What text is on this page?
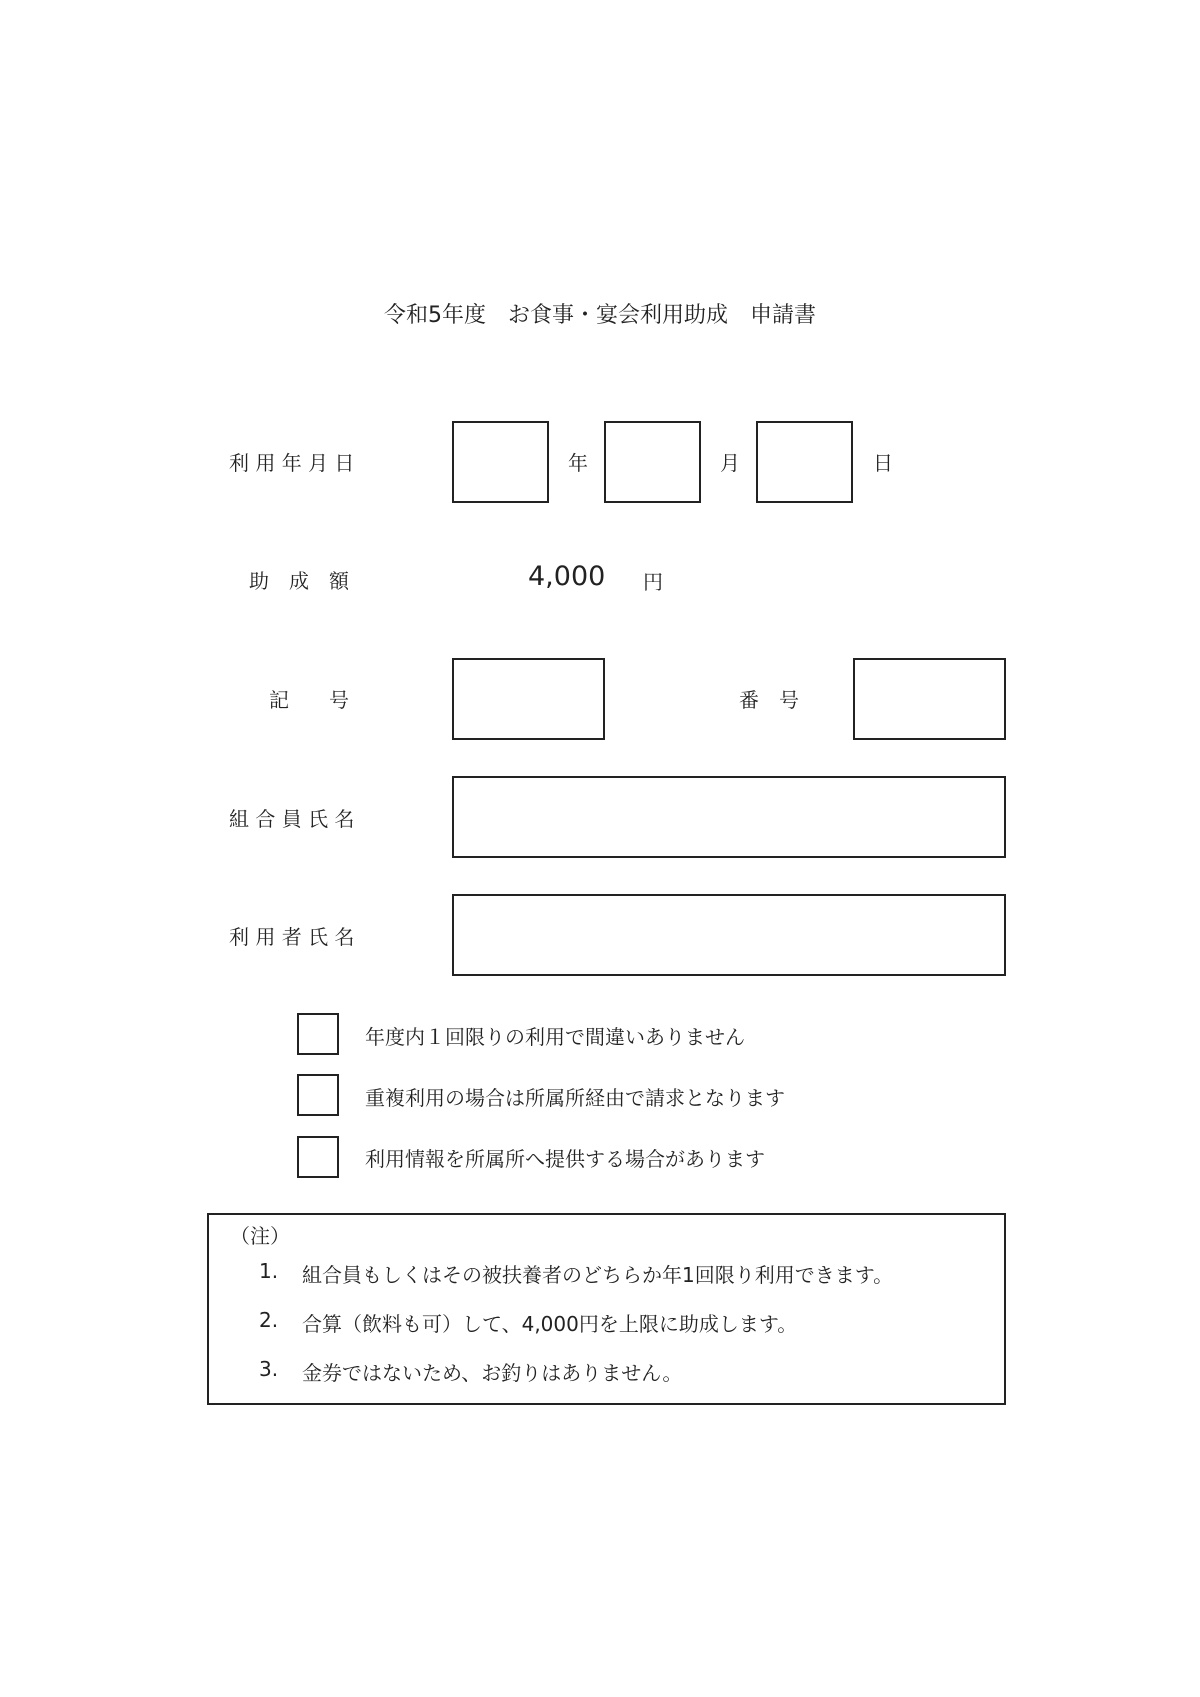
令和5年度　お食事・宴会利用助成　申請書
利 用 年 月 日	年	月	日
助　成　額	4,000 円
記　　号	番　号
組 合 員 氏 名
利 用 者 氏 名
年度内１回限りの利用で間違いありません
重複利用の場合は所属所経由で請求となります
利用情報を所属所へ提供する場合があります
（注）
1. 組合員もしくはその被扶養者のどちらか年1回限り利用できます。
2. 合算（飲料も可）して、4,000円を上限に助成します。
3. 金券ではないため、お釣りはありません。
